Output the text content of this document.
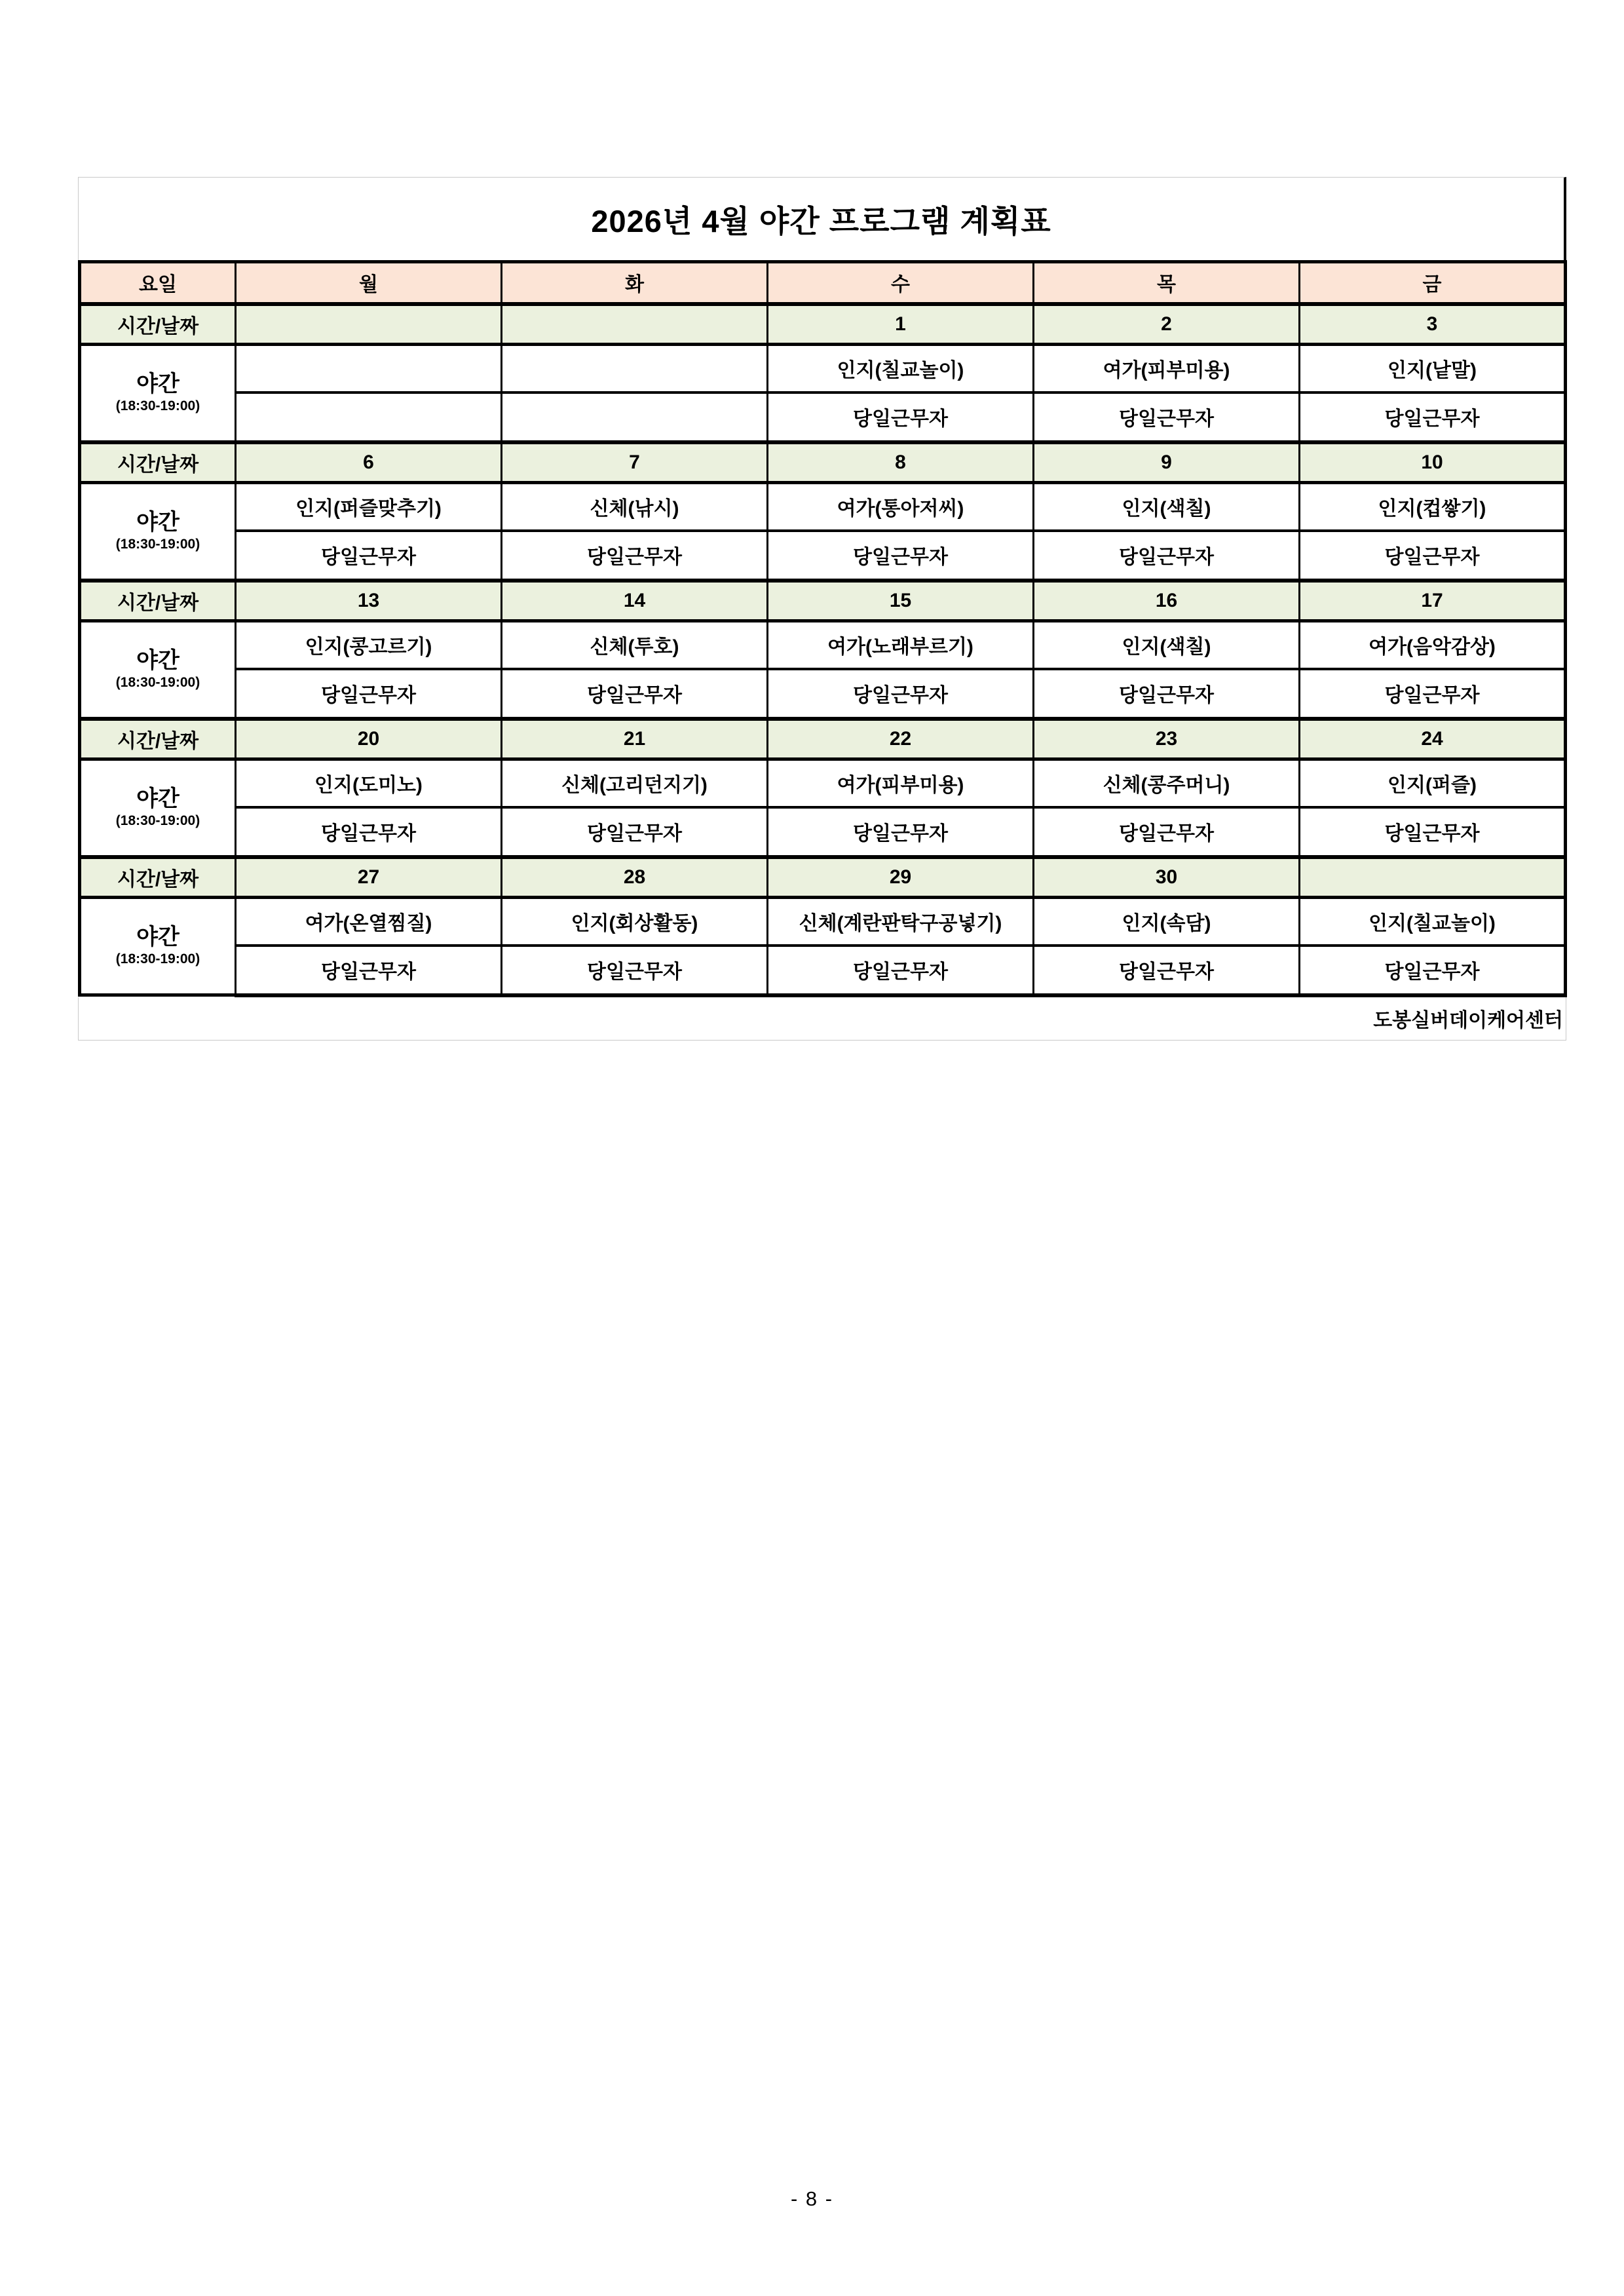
2026년 4월 야간 프로그램 계획표
요일	월	화	수	목	금
시간/날짜			1	2	3

야간
(18:30-19:00)			인지(칠교놀이)	여가(피부미용)	인지(낱말)
			당일근무자	당일근무자	당일근무자
시간/날짜	6	7	8	9	10

야간
(18:30-19:00)	인지(퍼즐맞추기)	신체(낚시)	여가(통아저씨)	인지(색칠)	인지(컵쌓기)
	당일근무자	당일근무자	당일근무자	당일근무자	당일근무자
시간/날짜	13	14	15	16	17

야간
(18:30-19:00)	인지(콩고르기)	신체(투호)	여가(노래부르기)	인지(색칠)	여가(음악감상)
	당일근무자	당일근무자	당일근무자	당일근무자	당일근무자
시간/날짜	20	21	22	23	24

야간
(18:30-19:00)	인지(도미노)	신체(고리던지기)	여가(피부미용)	신체(콩주머니)	인지(퍼즐)
	당일근무자	당일근무자	당일근무자	당일근무자	당일근무자
시간/날짜	27	28	29	30	

야간
(18:30-19:00)	여가(온열찜질)	인지(회상활동)	신체(계란판탁구공넣기)	인지(속담)	인지(칠교놀이)
	당일근무자	당일근무자	당일근무자	당일근무자	당일근무자
도봉실버데이케어센터
- 8 -
